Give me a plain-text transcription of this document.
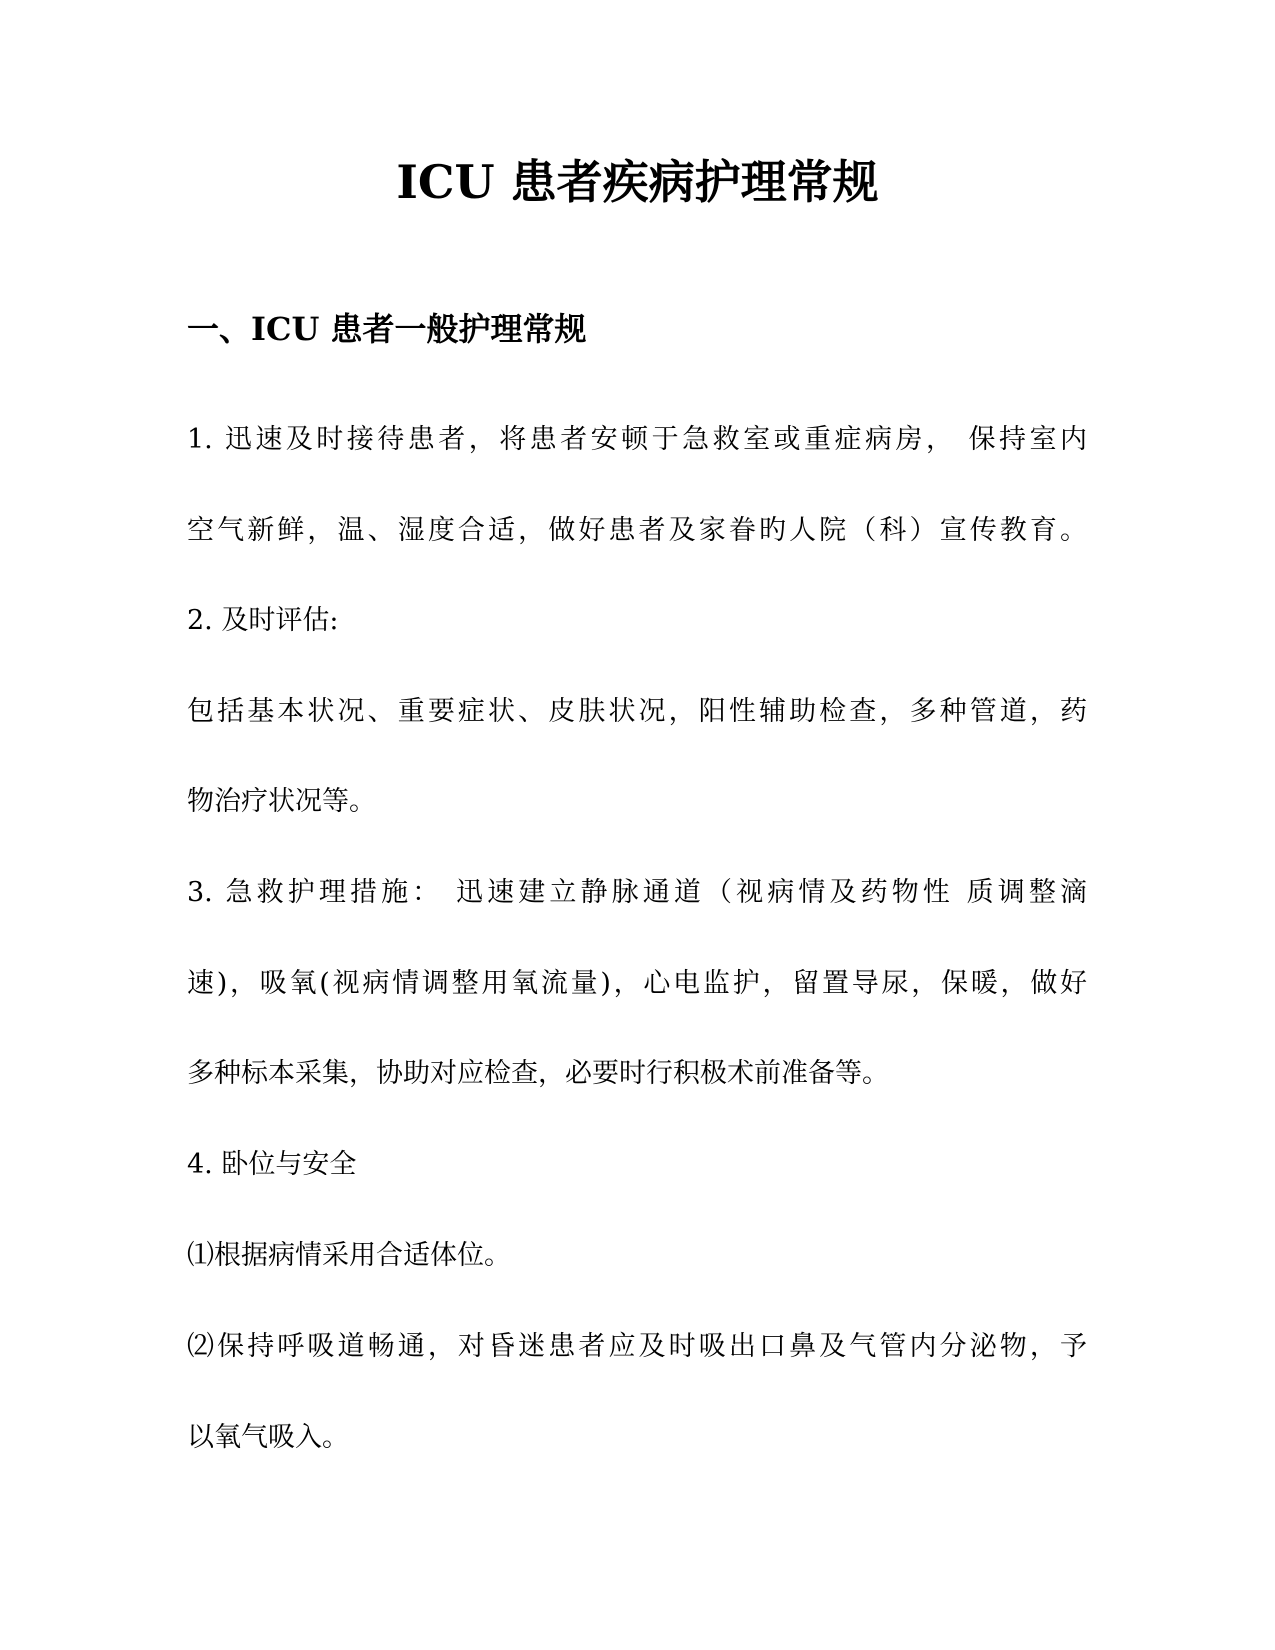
ICU 患者疾病护理常规
一、ICU 患者一般护理常规

1. 迅速及时接待患者，将患者安顿于急救室或重症病房， 保持室内

空气新鲜，温、湿度合适，做好患者及家眷旳人院（科）宣传教育。

2. 及时评估:

包括基本状况、重要症状、皮肤状况，阳性辅助检查，多种管道，药

物治疗状况等。

3. 急救护理措施： 迅速建立静脉通道（视病情及药物性 质调整滴

速)，吸氧(视病情调整用氧流量)，心电监护，留置导尿，保暖，做好

多种标本采集，协助对应检查，必要时行积极术前准备等。

4. 卧位与安全

⑴根据病情采用合适体位。

⑵保持呼吸道畅通，对昏迷患者应及时吸出口鼻及气管内分泌物，予

以氧气吸入。
